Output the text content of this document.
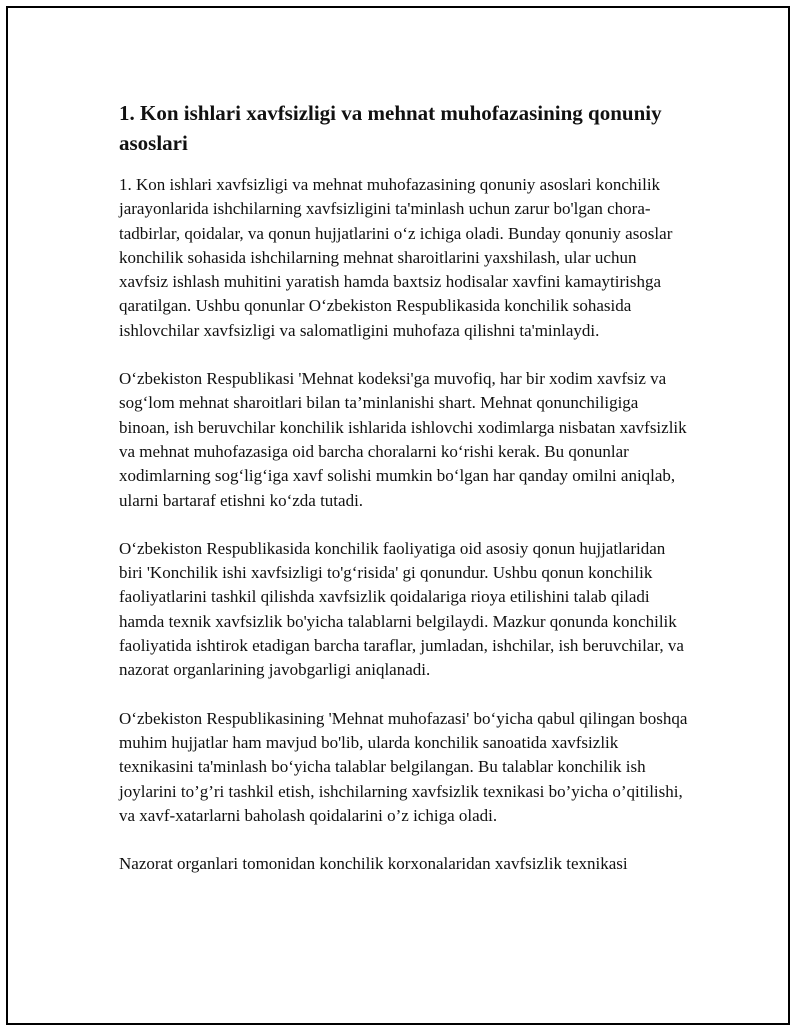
1. Kon ishlari xavfsizligi va mehnat muhofazasining qonuniy asoslari

1. Kon ishlari xavfsizligi va mehnat muhofazasining qonuniy asoslari konchilik jarayonlarida ishchilarning xavfsizligini ta'minlash uchun zarur bo'lgan chora-tadbirlar, qoidalar, va qonun hujjatlarini o‘z ichiga oladi. Bunday qonuniy asoslar konchilik sohasida ishchilarning mehnat sharoitlarini yaxshilash, ular uchun xavfsiz ishlash muhitini yaratish hamda baxtsiz hodisalar xavfini kamaytirishga qaratilgan. Ushbu qonunlar O‘zbekiston Respublikasida konchilik sohasida ishlovchilar xavfsizligi va salomatligini muhofaza qilishni ta'minlaydi.

O‘zbekiston Respublikasi 'Mehnat kodeksi'ga muvofiq, har bir xodim xavfsiz va sog‘lom mehnat sharoitlari bilan ta’minlanishi shart. Mehnat qonunchiligiga binoan, ish beruvchilar konchilik ishlarida ishlovchi xodimlarga nisbatan xavfsizlik va mehnat muhofazasiga oid barcha choralarni ko‘rishi kerak. Bu qonunlar xodimlarning sog‘lig‘iga xavf solishi mumkin bo‘lgan har qanday omilni aniqlab, ularni bartaraf etishni ko‘zda tutadi.

O‘zbekiston Respublikasida konchilik faoliyatiga oid asosiy qonun hujjatlaridan biri 'Konchilik ishi xavfsizligi to'g‘risida' gi qonundur. Ushbu qonun konchilik faoliyatlarini tashkil qilishda xavfsizlik qoidalariga rioya etilishini talab qiladi hamda texnik xavfsizlik bo'yicha talablarni belgilaydi. Mazkur qonunda konchilik faoliyatida ishtirok etadigan barcha taraflar, jumladan, ishchilar, ish beruvchilar, va nazorat organlarining javobgarligi aniqlanadi.

O‘zbekiston Respublikasining 'Mehnat muhofazasi' bo‘yicha qabul qilingan boshqa muhim hujjatlar ham mavjud bo'lib, ularda konchilik sanoatida xavfsizlik texnikasini ta'minlash bo‘yicha talablar belgilangan. Bu talablar konchilik ish joylarini to’g’ri tashkil etish, ishchilarning xavfsizlik texnikasi bo’yicha o’qitilishi, va xavf-xatarlarni baholash qoidalarini o’z ichiga oladi.

Nazorat organlari tomonidan konchilik korxonalaridan xavfsizlik texnikasi
